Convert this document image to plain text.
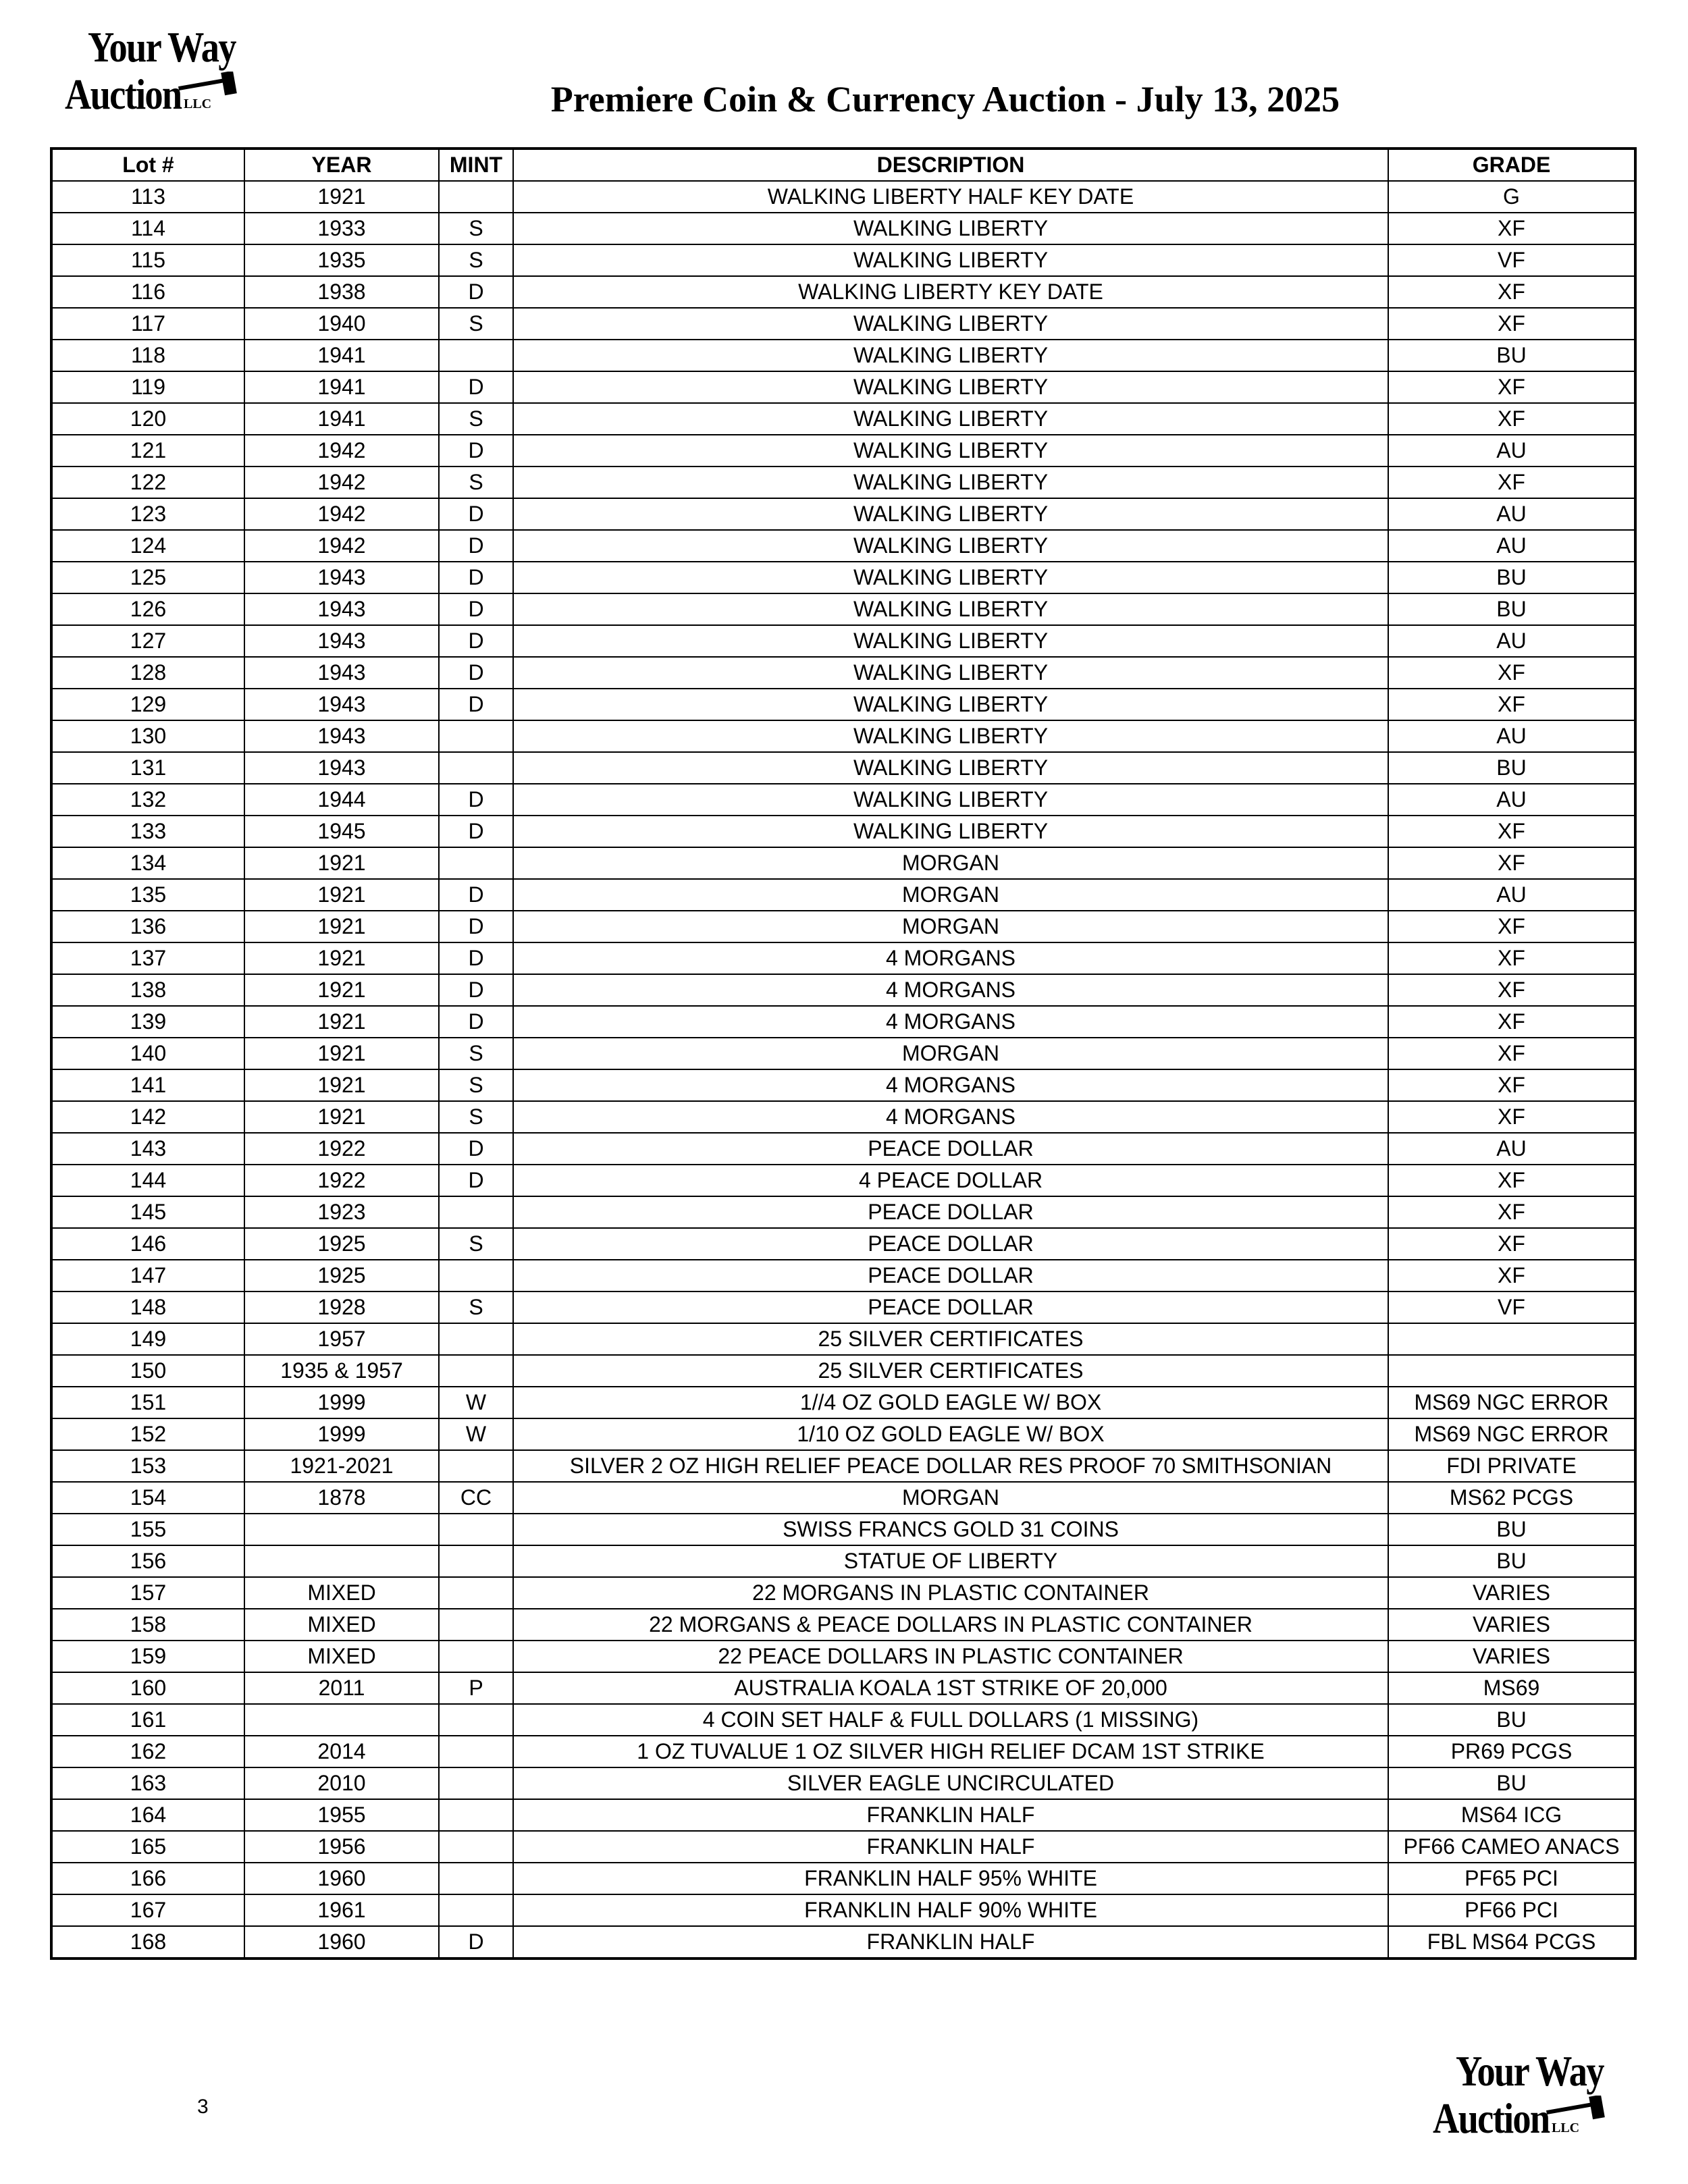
Your Way
Auction LLC	Premiere Coin & Currency Auction - July 13, 2025
Lot #	YEAR	MINT	DESCRIPTION	GRADE
113	1921		WALKING LIBERTY HALF KEY DATE	G
114	1933	S	WALKING LIBERTY	XF
115	1935	S	WALKING LIBERTY	VF
116	1938	D	WALKING LIBERTY KEY DATE	XF
117	1940	S	WALKING LIBERTY	XF
118	1941		WALKING LIBERTY	BU
119	1941	D	WALKING LIBERTY	XF
120	1941	S	WALKING LIBERTY	XF
121	1942	D	WALKING LIBERTY	AU
122	1942	S	WALKING LIBERTY	XF
123	1942	D	WALKING LIBERTY	AU
124	1942	D	WALKING LIBERTY	AU
125	1943	D	WALKING LIBERTY	BU
126	1943	D	WALKING LIBERTY	BU
127	1943	D	WALKING LIBERTY	AU
128	1943	D	WALKING LIBERTY	XF
129	1943	D	WALKING LIBERTY	XF
130	1943		WALKING LIBERTY	AU
131	1943		WALKING LIBERTY	BU
132	1944	D	WALKING LIBERTY	AU
133	1945	D	WALKING LIBERTY	XF
134	1921		MORGAN	XF
135	1921	D	MORGAN	AU
136	1921	D	MORGAN	XF
137	1921	D	4 MORGANS	XF
138	1921	D	4 MORGANS	XF
139	1921	D	4 MORGANS	XF
140	1921	S	MORGAN	XF
141	1921	S	4 MORGANS	XF
142	1921	S	4 MORGANS	XF
143	1922	D	PEACE DOLLAR	AU
144	1922	D	4 PEACE DOLLAR	XF
145	1923		PEACE DOLLAR	XF
146	1925	S	PEACE DOLLAR	XF
147	1925		PEACE DOLLAR	XF
148	1928	S	PEACE DOLLAR	VF
149	1957		25 SILVER CERTIFICATES	
150	1935 & 1957		25 SILVER CERTIFICATES	
151	1999	W	1//4 OZ GOLD EAGLE W/ BOX	MS69 NGC ERROR
152	1999	W	1/10 OZ GOLD EAGLE W/ BOX	MS69 NGC ERROR
153	1921-2021		SILVER 2 OZ HIGH RELIEF PEACE DOLLAR RES PROOF 70 SMITHSONIAN	FDI PRIVATE
154	1878	CC	MORGAN	MS62 PCGS
155			SWISS FRANCS GOLD 31 COINS	BU
156			STATUE OF LIBERTY	BU
157	MIXED		22 MORGANS IN PLASTIC CONTAINER	VARIES
158	MIXED		22 MORGANS & PEACE DOLLARS IN PLASTIC CONTAINER	VARIES
159	MIXED		22 PEACE DOLLARS IN PLASTIC CONTAINER	VARIES
160	2011	P	AUSTRALIA KOALA 1ST STRIKE OF 20,000	MS69
161			4 COIN SET HALF & FULL DOLLARS (1 MISSING)	BU
162	2014		1 OZ TUVALUE 1 OZ SILVER HIGH RELIEF DCAM 1ST STRIKE	PR69 PCGS
163	2010		SILVER EAGLE UNCIRCULATED	BU
164	1955		FRANKLIN HALF	MS64 ICG
165	1956		FRANKLIN HALF	PF66 CAMEO ANACS
166	1960		FRANKLIN HALF 95% WHITE	PF65 PCI
167	1961		FRANKLIN HALF 90% WHITE	PF66 PCI
168	1960	D	FRANKLIN HALF	FBL MS64 PCGS
3
Your Way
Auction LLC
